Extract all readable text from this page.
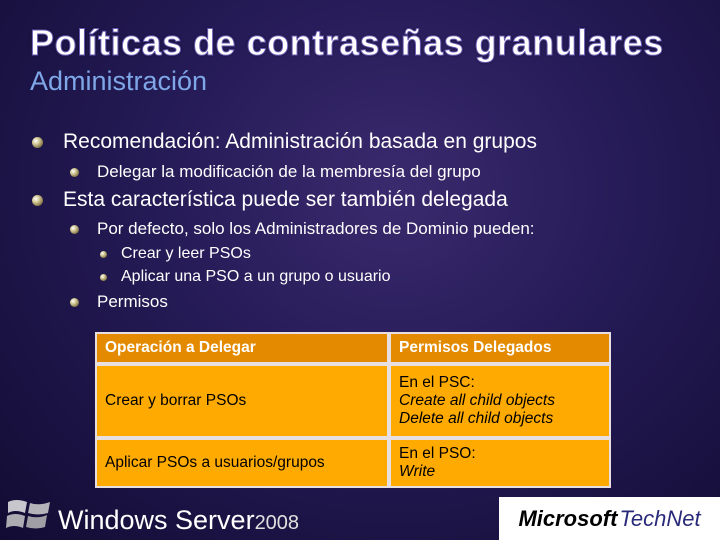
Políticas de contraseñas granulares
Administración
Recomendación: Administración basada en grupos
Delegar la modificación de la membresía del grupo
Esta característica puede ser también delegada
Por defecto, solo los Administradores de Dominio pueden:
Crear y leer PSOs
Aplicar una PSO a un grupo o usuario
Permisos
Operación a Delegar	Permisos Delegados
Crear y borrar PSOs	En el PSC:
Create all child objects
Delete all child objects

Aplicar PSOs a usuarios/grupos	En el PSO:
Write
Windows Server2008	Microsoft TechNet
